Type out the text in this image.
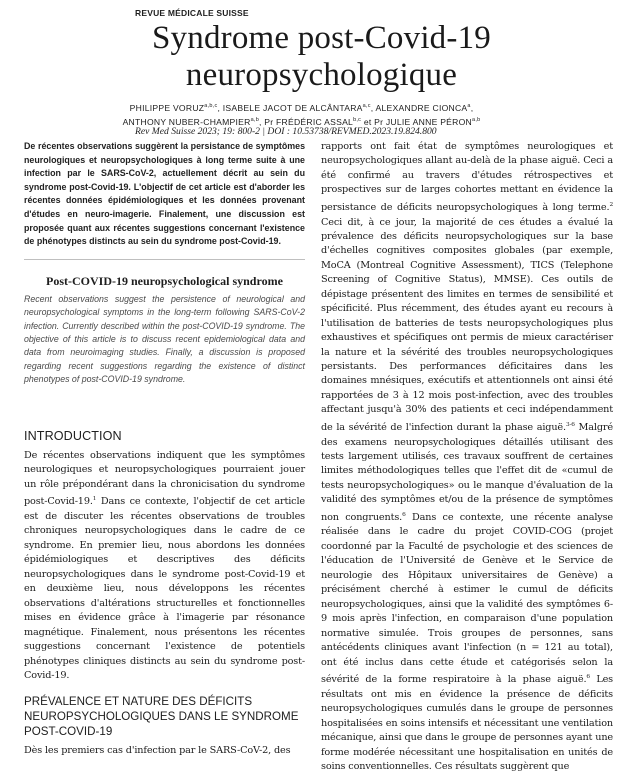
REVUE MÉDICALE SUISSE
Syndrome post-Covid-19
neuropsychologique
PHILIPPE VORUZ$^{a,b,c}$, ISABELE JACOT DE ALCÂNTARA$^{a,c}$, ALEXANDRE CIONCA$^a$,
ANTHONY NUBER-CHAMPIER$^{a,b}$, Pr FRÉDÉRIC ASSAL$^{b,c}$ et Pr JULIE ANNE PÉRON$^{a,b}$
Rev Med Suisse 2023; 19: 800-2 | DOI : 10.53738/REVMED.2023.19.824.800

De récentes observations suggèrent la persistance de symptômes neurologiques et neuropsychologiques à long terme suite à une infection par le SARS-CoV-2, actuellement décrit au sein du syndrome post-Covid-19. L'objectif de cet article est d'aborder les récentes données épidémiologiques et les données provenant d'études en neuro-imagerie. Finalement, une discussion est proposée quant aux récentes suggestions concernant l'existence de phénotypes distincts au sein du syndrome post-Covid-19.

Post-COVID-19 neuropsychological syndrome

Recent observations suggest the persistence of neurological and neuropsychological symptoms in the long-term following SARS-CoV-2 infection. Currently described within the post-COVID-19 syndrome. The objective of this article is to discuss recent epidemiological data and data from neuroimaging studies. Finally, a discussion is proposed regarding recent suggestions regarding the existence of distinct phenotypes of post-COVID-19 syndrome.

INTRODUCTION

De récentes observations indiquent que les symptômes neurologiques et neuropsychologiques pourraient jouer un rôle prépondérant dans la chronicisation du syndrome post-Covid-19.$^1$ Dans ce contexte, l'objectif de cet article est de discuter les récentes observations de troubles chroniques neuropsychologiques dans le cadre de ce syndrome. En premier lieu, nous abordons les données épidémiologiques et descriptives des déficits neuropsychologiques dans le syndrome post-Covid-19 et en deuxième lieu, nous développons les récentes observations d'altérations structurelles et fonctionnelles mises en évidence grâce à l'imagerie par résonance magnétique. Finalement, nous présentons les récentes suggestions concernant l'existence de potentiels phénotypes cliniques distincts au sein du syndrome post-Covid-19.

PRÉVALENCE ET NATURE DES DÉFICITS NEUROPSYCHOLOGIQUES DANS LE SYNDROME POST-COVID-19

Dès les premiers cas d'infection par le SARS-CoV-2, des

rapports ont fait état de symptômes neurologiques et neuropsychologiques allant au-delà de la phase aiguë. Ceci a été confirmé au travers d'études rétrospectives et prospectives sur de larges cohortes mettant en évidence la persistance de déficits neuropsychologiques à long terme.$^2$ Ceci dit, à ce jour, la majorité de ces études a évalué la prévalence des déficits neuropsychologiques sur la base d'échelles cognitives composites globales (par exemple, MoCA (Montreal Cognitive Assessment), TICS (Telephone Screening of Cognitive Status), MMSE). Ces outils de dépistage présentent des limites en termes de sensibilité et spécificité. Plus récemment, des études ayant eu recours à l'utilisation de batteries de tests neuropsychologiques plus exhaustives et spécifiques ont permis de mieux caractériser la nature et la sévérité des troubles neuropsychologiques persistants. Des performances déficitaires dans les domaines mnésiques, exécutifs et attentionnels ont ainsi été rapportées de 3 à 12 mois post-infection, avec des troubles affectant jusqu'à 30% des patients et ceci indépendamment de la sévérité de l'infection durant la phase aiguë.$^{3-6}$ Malgré des examens neuropsychologiques détaillés utilisant des tests largement utilisés, ces travaux souffrent de certaines limites méthodologiques telles que l'effet dit de «cumul de tests neuropsychologiques» ou le manque d'évaluation de la validité des symptômes et/ou de la présence de symptômes non congruents.$^6$ Dans ce contexte, une récente analyse réalisée dans le cadre du projet COVID-COG (projet coordonné par la Faculté de psychologie et des sciences de l'éducation de l'Université de Genève et le Service de neurologie des Hôpitaux universitaires de Genève) a précisément cherché à estimer le cumul de déficits neuropsychologiques, ainsi que la validité des symptômes 6-9 mois après l'infection, en comparaison d'une population normative simulée. Trois groupes de personnes, sans antécédents cliniques avant l'infection (n = 121 au total), ont été inclus dans cette étude et catégorisés selon la sévérité de la forme respiratoire à la phase aiguë.$^6$ Les résultats ont mis en évidence la présence de déficits neuropsychologiques cumulés dans le groupe de personnes hospitalisées en soins intensifs et nécessitant une ventilation mécanique, ainsi que dans le groupe de personnes ayant une forme modérée nécessitant une hospitalisation en unités de soins conventionnelles. Ces résultats suggèrent que
